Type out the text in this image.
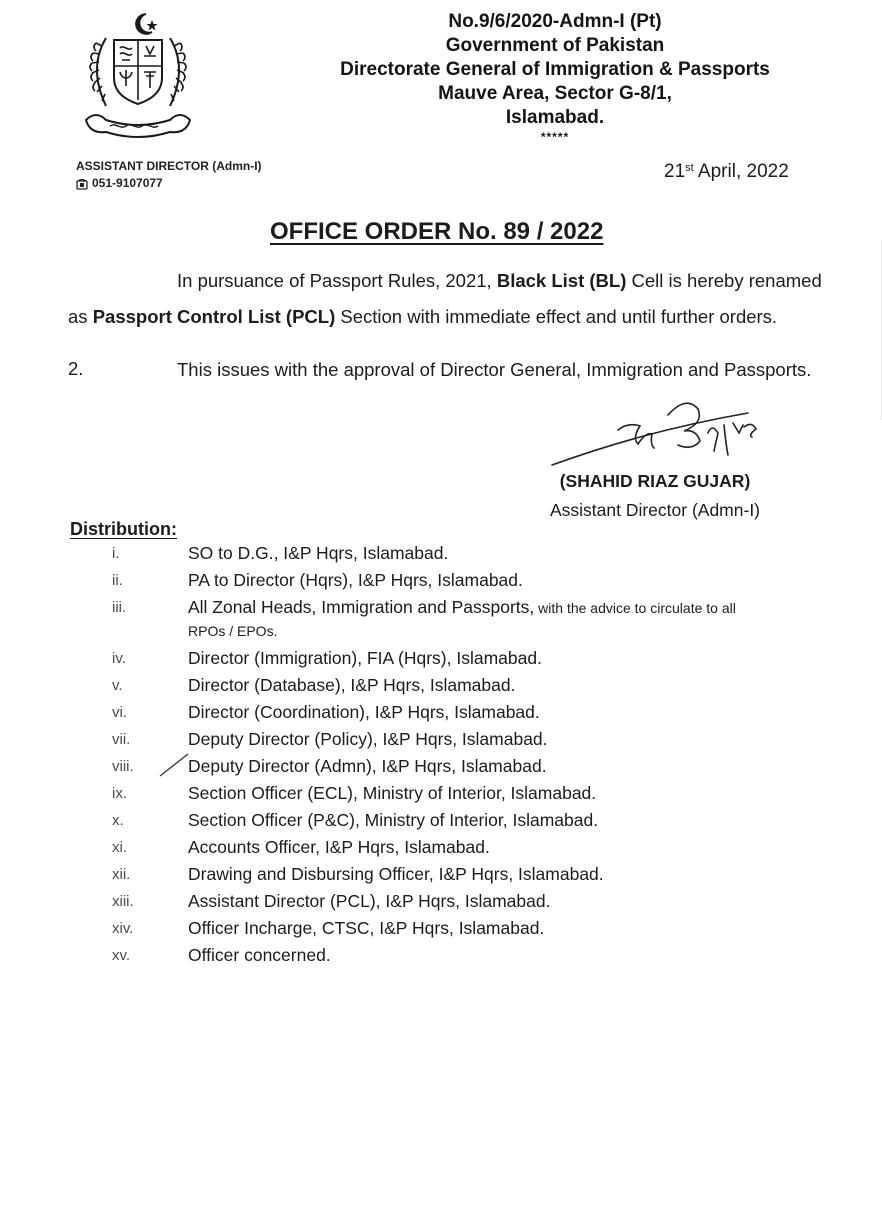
No.9/6/2020-Admn-I (Pt)
Government of Pakistan
Directorate General of Immigration & Passports
Mauve Area, Sector G-8/1,
Islamabad.
*****
ASSISTANT DIRECTOR (Admn-I)
051-9107077
21st April, 2022
OFFICE ORDER No. 89 / 2022
In pursuance of Passport Rules, 2021, Black List (BL) Cell is hereby renamed
as Passport Control List (PCL) Section with immediate effect and until further orders.
2.	This issues with the approval of Director General, Immigration and Passports.
(SHAHID RIAZ GUJAR)
Assistant Director (Admn-I)
Distribution:
i.	SO to D.G., I&P Hqrs, Islamabad.
ii.	PA to Director (Hqrs), I&P Hqrs, Islamabad.
iii.	All Zonal Heads, Immigration and Passports, with the advice to circulate to all
RPOs / EPOs.
iv.	Director (Immigration), FIA (Hqrs), Islamabad.
v.	Director (Database), I&P Hqrs, Islamabad.
vi.	Director (Coordination), I&P Hqrs, Islamabad.
vii.	Deputy Director (Policy), I&P Hqrs, Islamabad.
viii.	Deputy Director (Admn), I&P Hqrs, Islamabad.
ix.	Section Officer (ECL), Ministry of Interior, Islamabad.
x.	Section Officer (P&C), Ministry of Interior, Islamabad.
xi.	Accounts Officer, I&P Hqrs, Islamabad.
xii.	Drawing and Disbursing Officer, I&P Hqrs, Islamabad.
xiii.	Assistant Director (PCL), I&P Hqrs, Islamabad.
xiv.	Officer Incharge, CTSC, I&P Hqrs, Islamabad.
xv.	Officer concerned.
